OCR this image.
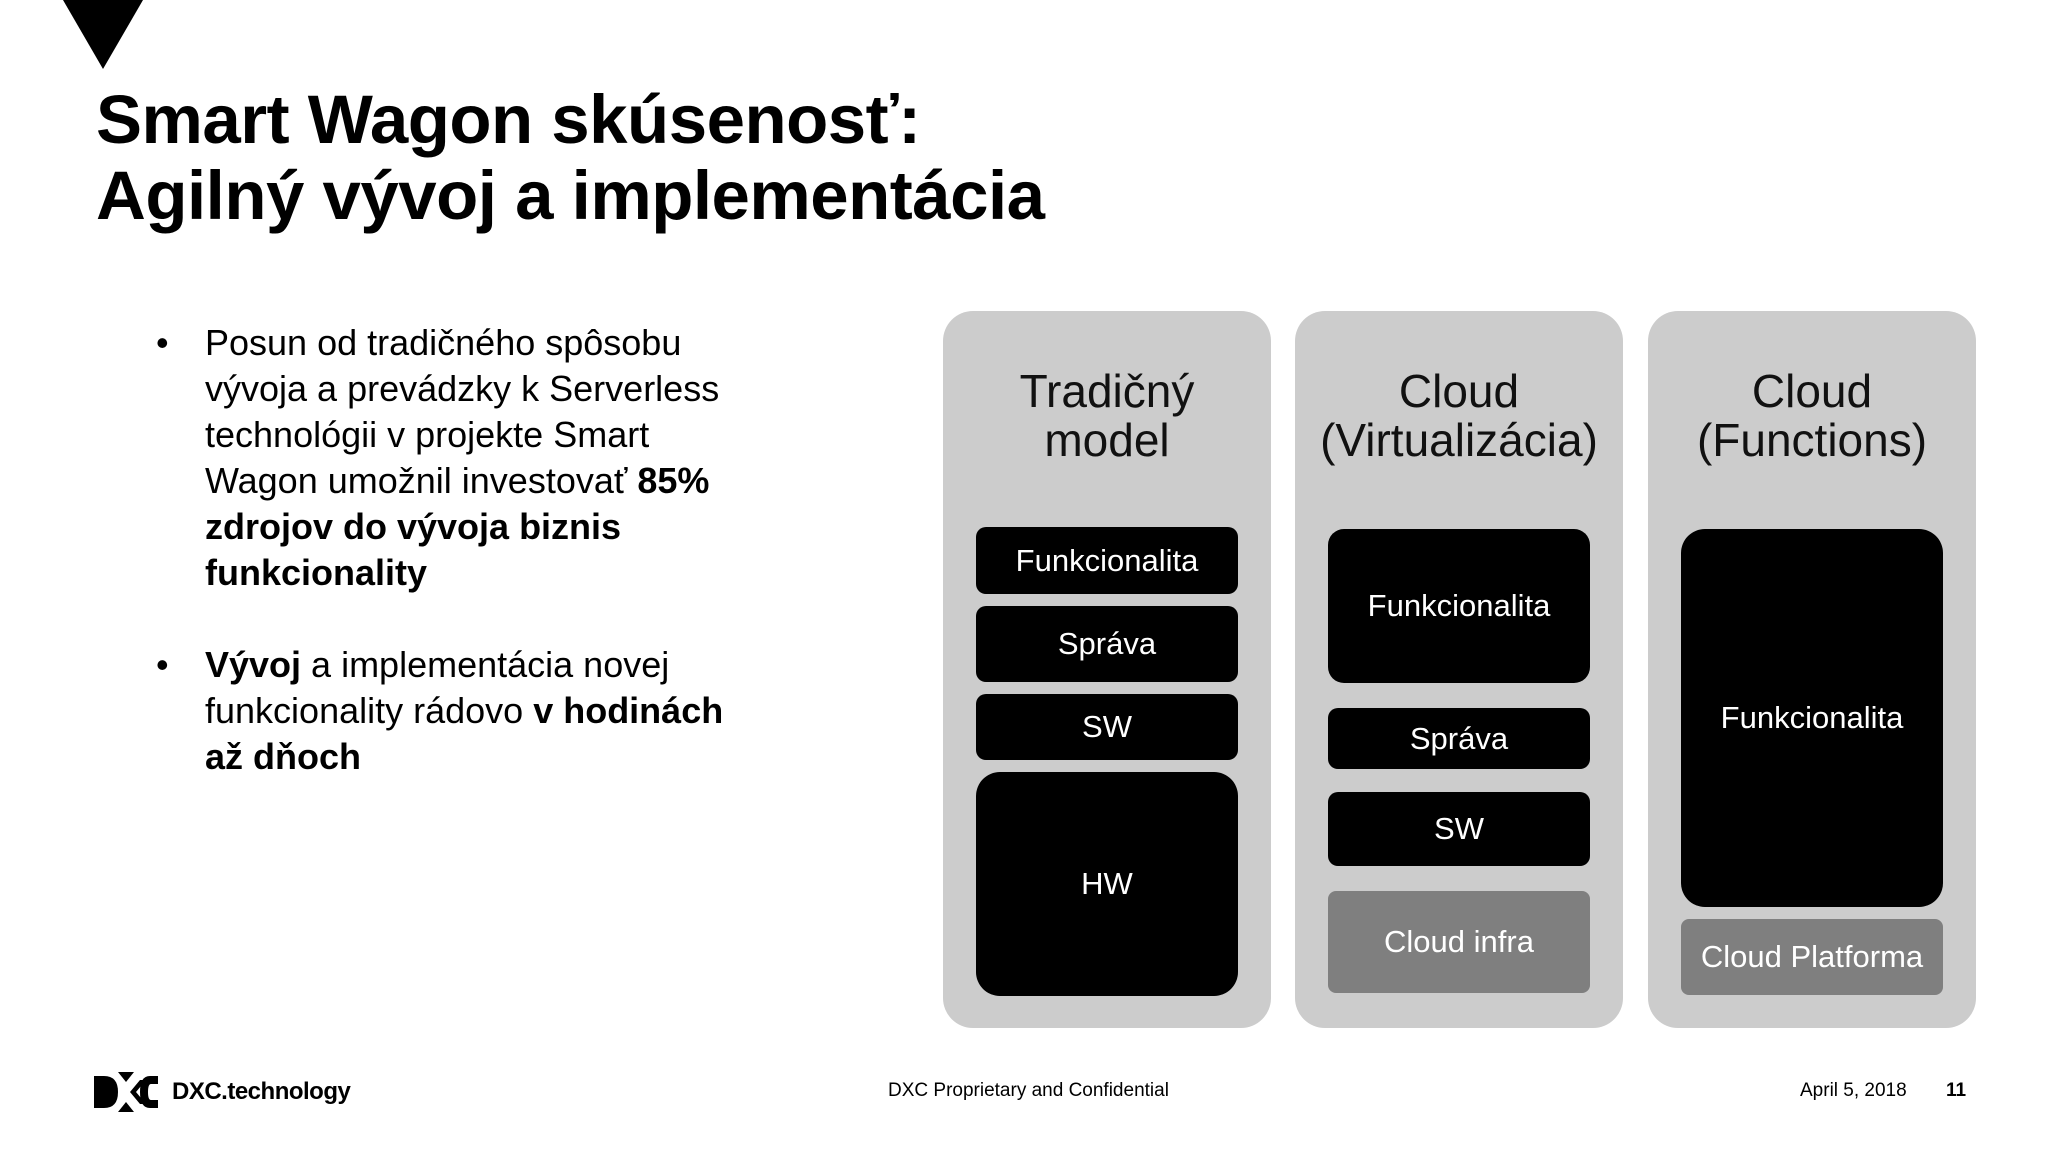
Smart Wagon skúsenosť:
Agilný vývoj a implementácia
• Posun od tradičného spôsobu
vývoja a prevádzky k Serverless
technológii v projekte Smart
Wagon umožnil investovať 85%
zdrojov do vývoja biznis
funkcionality
• Vývoj a implementácia novej
funkcionality rádovo v hodinách
až dňoch
Tradičný
model
Funkcionalita
Správa
SW
HW
Cloud
(Virtualizácia)
Funkcionalita
Správa
SW
Cloud infra
Cloud
(Functions)
Funkcionalita
Cloud Platforma
DXC.technology	DXC Proprietary and Confidential	April 5, 2018 11
